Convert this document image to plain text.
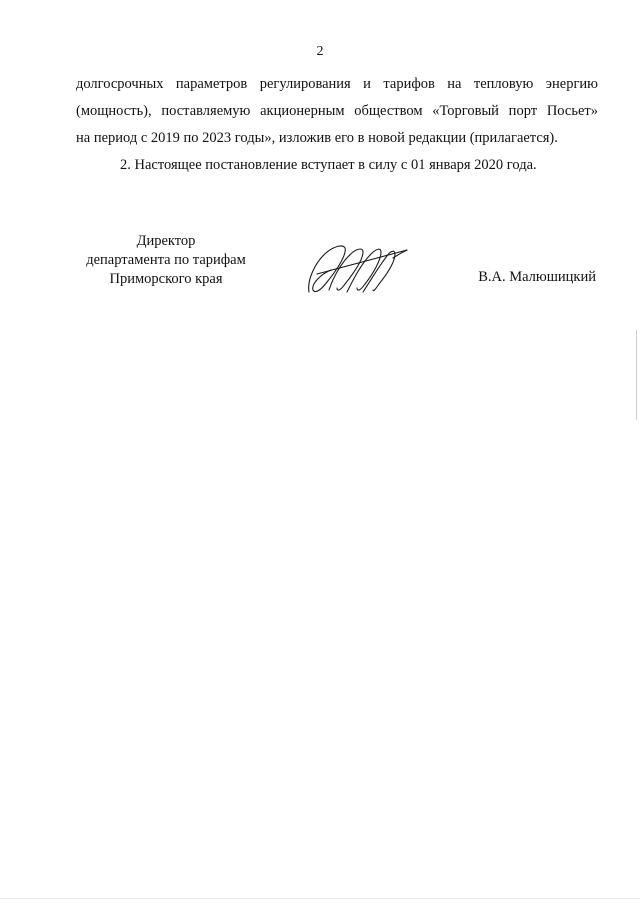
2
долгосрочных параметров регулирования и тарифов на тепловую энергию
(мощность), поставляемую акционерным обществом «Торговый порт Посьет»
на период с 2019 по 2023 годы», изложив его в новой редакции (прилагается).

2. Настоящее постановление вступает в силу с 01 января 2020 года.

Директор
департамента по тарифам
Приморского края	В.А. Малюшицкий
